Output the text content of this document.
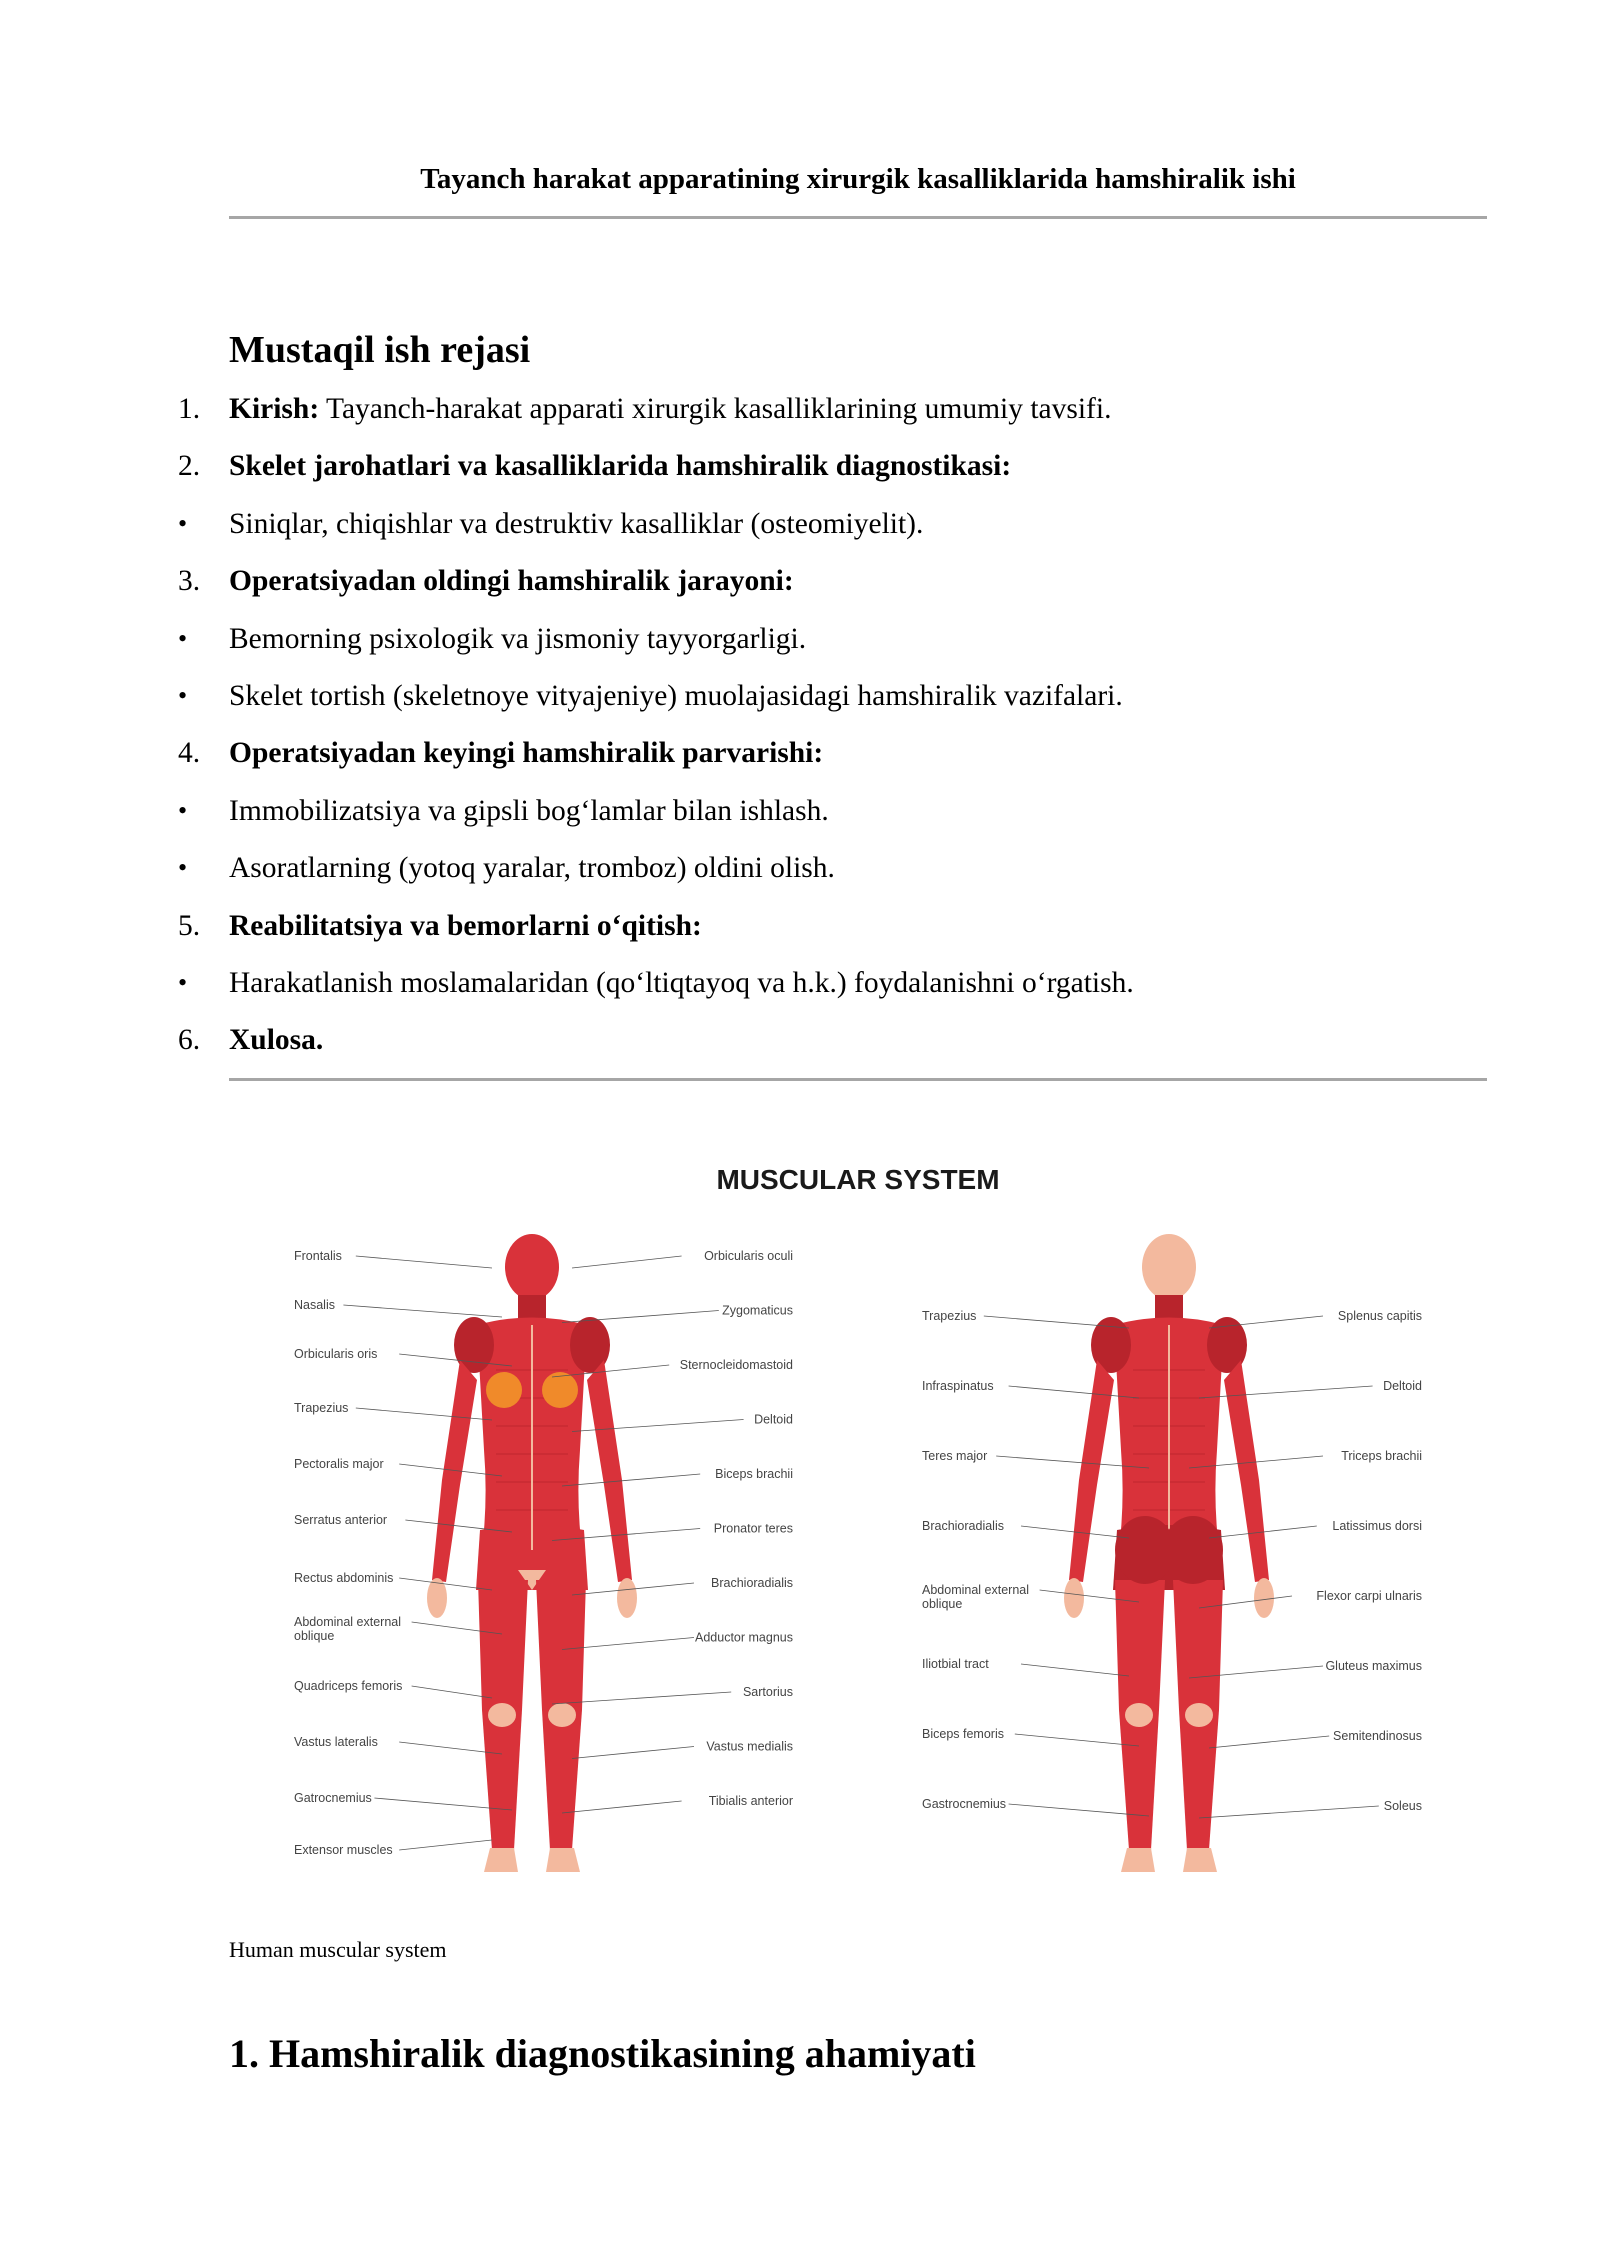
Tayanch harakat apparatining xirurgik kasalliklarida hamshiralik ishi
Mustaqil ish rejasi
1. Kirish: Tayanch-harakat apparati xirurgik kasalliklarining umumiy tavsifi.
2. Skelet jarohatlari va kasalliklarida hamshiralik diagnostikasi:
•	Siniqlar, chiqishlar va destruktiv kasalliklar (osteomiyelit).
3. Operatsiyadan oldingi hamshiralik jarayoni:
•	Bemorning psixologik va jismoniy tayyorgarligi.
•	Skelet tortish (skeletnoye vityajeniye) muolajasidagi hamshiralik vazifalari.
4. Operatsiyadan keyingi hamshiralik parvarishi:
•	Immobilizatsiya va gipsli bog‘lamlar bilan ishlash.
•	Asoratlarning (yotoq yaralar, tromboz) oldini olish.
5. Reabilitatsiya va bemorlarni o‘qitish:
•	Harakatlanish moslamalaridan (qo‘ltiqtayoq va h.k.) foydalanishni o‘rgatish.
6. Xulosa.
MUSCULAR SYSTEM
Frontalis
Nasalis
Orbicularis oris
Trapezius
Pectoralis major
Serratus anterior
Rectus abdominis
Abdominal external
oblique
Quadriceps femoris
Vastus lateralis
Gatrocnemius
Extensor muscles
Orbicularis oculi
Zygomaticus
Sternocleidomastoid
Deltoid
Biceps brachii
Pronator teres
Brachioradialis
Adductor magnus
Sartorius
Vastus medialis
Tibialis anterior
Trapezius
Infraspinatus
Teres major
Brachioradialis
Abdominal external
oblique
Iliotbial tract
Biceps femoris
Gastrocnemius
Splenus capitis
Deltoid
Triceps brachii
Latissimus dorsi
Flexor carpi ulnaris
Gluteus maximus
Semitendinosus
Soleus
Human muscular system
1. Hamshiralik diagnostikasining ahamiyati
